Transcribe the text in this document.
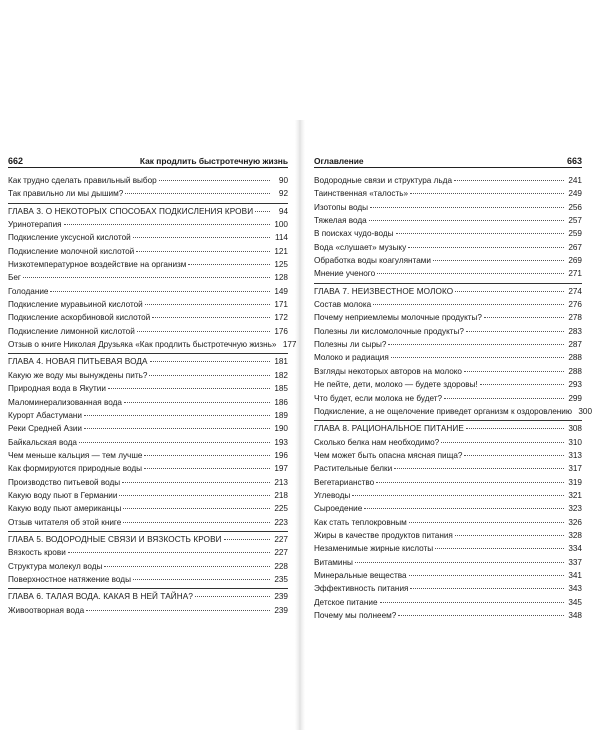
662	Как продлить быстротечную жизнь
Как трудно сделать правильный выбор	90
Так правильно ли мы дышим?	92
ГЛАВА 3. О НЕКОТОРЫХ СПОСОБАХ ПОДКИСЛЕНИЯ КРОВИ	94
Уринотерапия	100
Подкисление уксусной кислотой	114
Подкисление молочной кислотой	121
Низкотемпературное воздействие на организм	125
Бег	128
Голодание	149
Подкисление муравьиной кислотой	171
Подкисление аскорбиновой кислотой	172
Подкисление лимонной кислотой	176
Отзыв о книге Николая Друзьяка «Как продлить быстротечную жизнь» 177
ГЛАВА 4. НОВАЯ ПИТЬЕВАЯ ВОДА	181
Какую же воду мы вынуждены пить?	182
Природная вода в Якутии	185
Маломинерализованная вода	186
Курорт Абастумани	189
Реки Средней Азии	190
Байкальская вода	193
Чем меньше кальция — тем лучше	196
Как формируются природные воды	197
Производство питьевой воды	213
Какую воду пьют в Германии	218
Какую воду пьют американцы	225
Отзыв читателя об этой книге	223
ГЛАВА 5. ВОДОРОДНЫЕ СВЯЗИ И ВЯЗКОСТЬ КРОВИ	227
Вязкость крови	227
Структура молекул воды	228
Поверхностное натяжение воды	235
ГЛАВА 6. ТАЛАЯ ВОДА. КАКАЯ В НЕЙ ТАЙНА?	239
Живоотворная вода	239
Оглавление	663
Водородные связи и структура льда	241
Таинственная «талость»	249
Изотопы воды	256
Тяжелая вода	257
В поисках чудо-воды	259
Вода «слушает» музыку	267
Обработка воды коагулянтами	269
Мнение ученого	271
ГЛАВА 7. НЕИЗВЕСТНОЕ МОЛОКО	274
Состав молока	276
Почему неприемлемы молочные продукты?	278
Полезны ли кисломолочные продукты?	283
Полезны ли сыры?	287
Молоко и радиация	288
Взгляды некоторых авторов на молоко	288
Не пейте, дети, молоко — будете здоровы!	293
Что будет, если молока не будет?	299
Подкисление, а не ощелочение приведет организм к оздоровлению 300
ГЛАВА 8. РАЦИОНАЛЬНОЕ ПИТАНИЕ	308
Сколько белка нам необходимо?	310
Чем может быть опасна мясная пища?	313
Растительные белки	317
Вегетарианство	319
Углеводы	321
Сыроедение	323
Как стать теплокровным	326
Жиры в качестве продуктов питания	328
Незаменимые жирные кислоты	334
Витамины	337
Минеральные вещества	341
Эффективность питания	343
Детское питание	345
Почему мы полнеем?	348
